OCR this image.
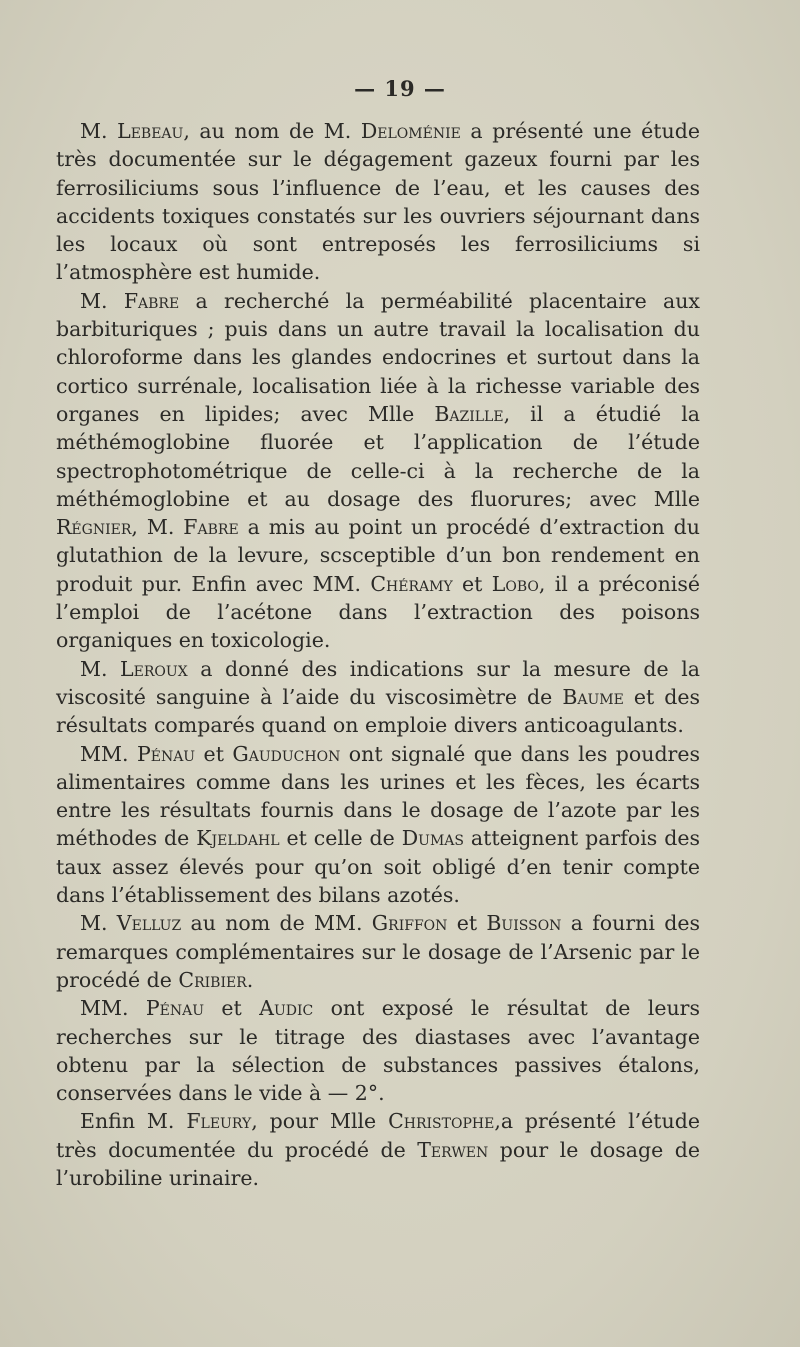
— 19 —

M. Lebeau, au nom de M. Deloménie a présenté une étude très documentée sur le dégagement gazeux fourni par les ferrosiliciums sous l’influence de l’eau, et les causes des accidents toxiques constatés sur les ouvriers séjournant dans les locaux où sont entreposés les ferrosiliciums si l’atmosphère est humide.

M. Fabre a recherché la perméabilité placentaire aux barbituriques ; puis dans un autre travail la localisation du chloroforme dans les glandes endocrines et surtout dans la cortico surrénale, localisation liée à la richesse variable des organes en lipides; avec Mlle Bazille, il a étudié la méthémoglobine fluorée et l’application de l’étude spectrophotométrique de celle-ci à la recherche de la méthémoglobine et au dosage des fluorures; avec Mlle Régnier, M. Fabre a mis au point un procédé d’extraction du glutathion de la levure, scsceptible d’un bon rendement en produit pur. Enfin avec MM. Chéramy et Lobo, il a préconisé l’emploi de l’acétone dans l’extraction des poisons organiques en toxicologie.

M. Leroux a donné des indications sur la mesure de la viscosité sanguine à l’aide du viscosimètre de Baume et des résultats comparés quand on emploie divers anticoagulants.

MM. Pénau et Gauduchon ont signalé que dans les poudres alimentaires comme dans les urines et les fèces, les écarts entre les résultats fournis dans le dosage de l’azote par les méthodes de Kjeldahl et celle de Dumas atteignent parfois des taux assez élevés pour qu’on soit obligé d’en tenir compte dans l’établissement des bilans azotés.

M. Velluz au nom de MM. Griffon et Buisson a fourni des remarques complémentaires sur le dosage de l’Arsenic par le procédé de Cribier.

MM. Pénau et Audic ont exposé le résultat de leurs recherches sur le titrage des diastases avec l’avantage obtenu par la sélection de substances passives étalons, conservées dans le vide à — 2°.

Enfin M. Fleury, pour Mlle Christophe,a présenté l’étude très documentée du procédé de Terwen pour le dosage de l’urobiline urinaire.
